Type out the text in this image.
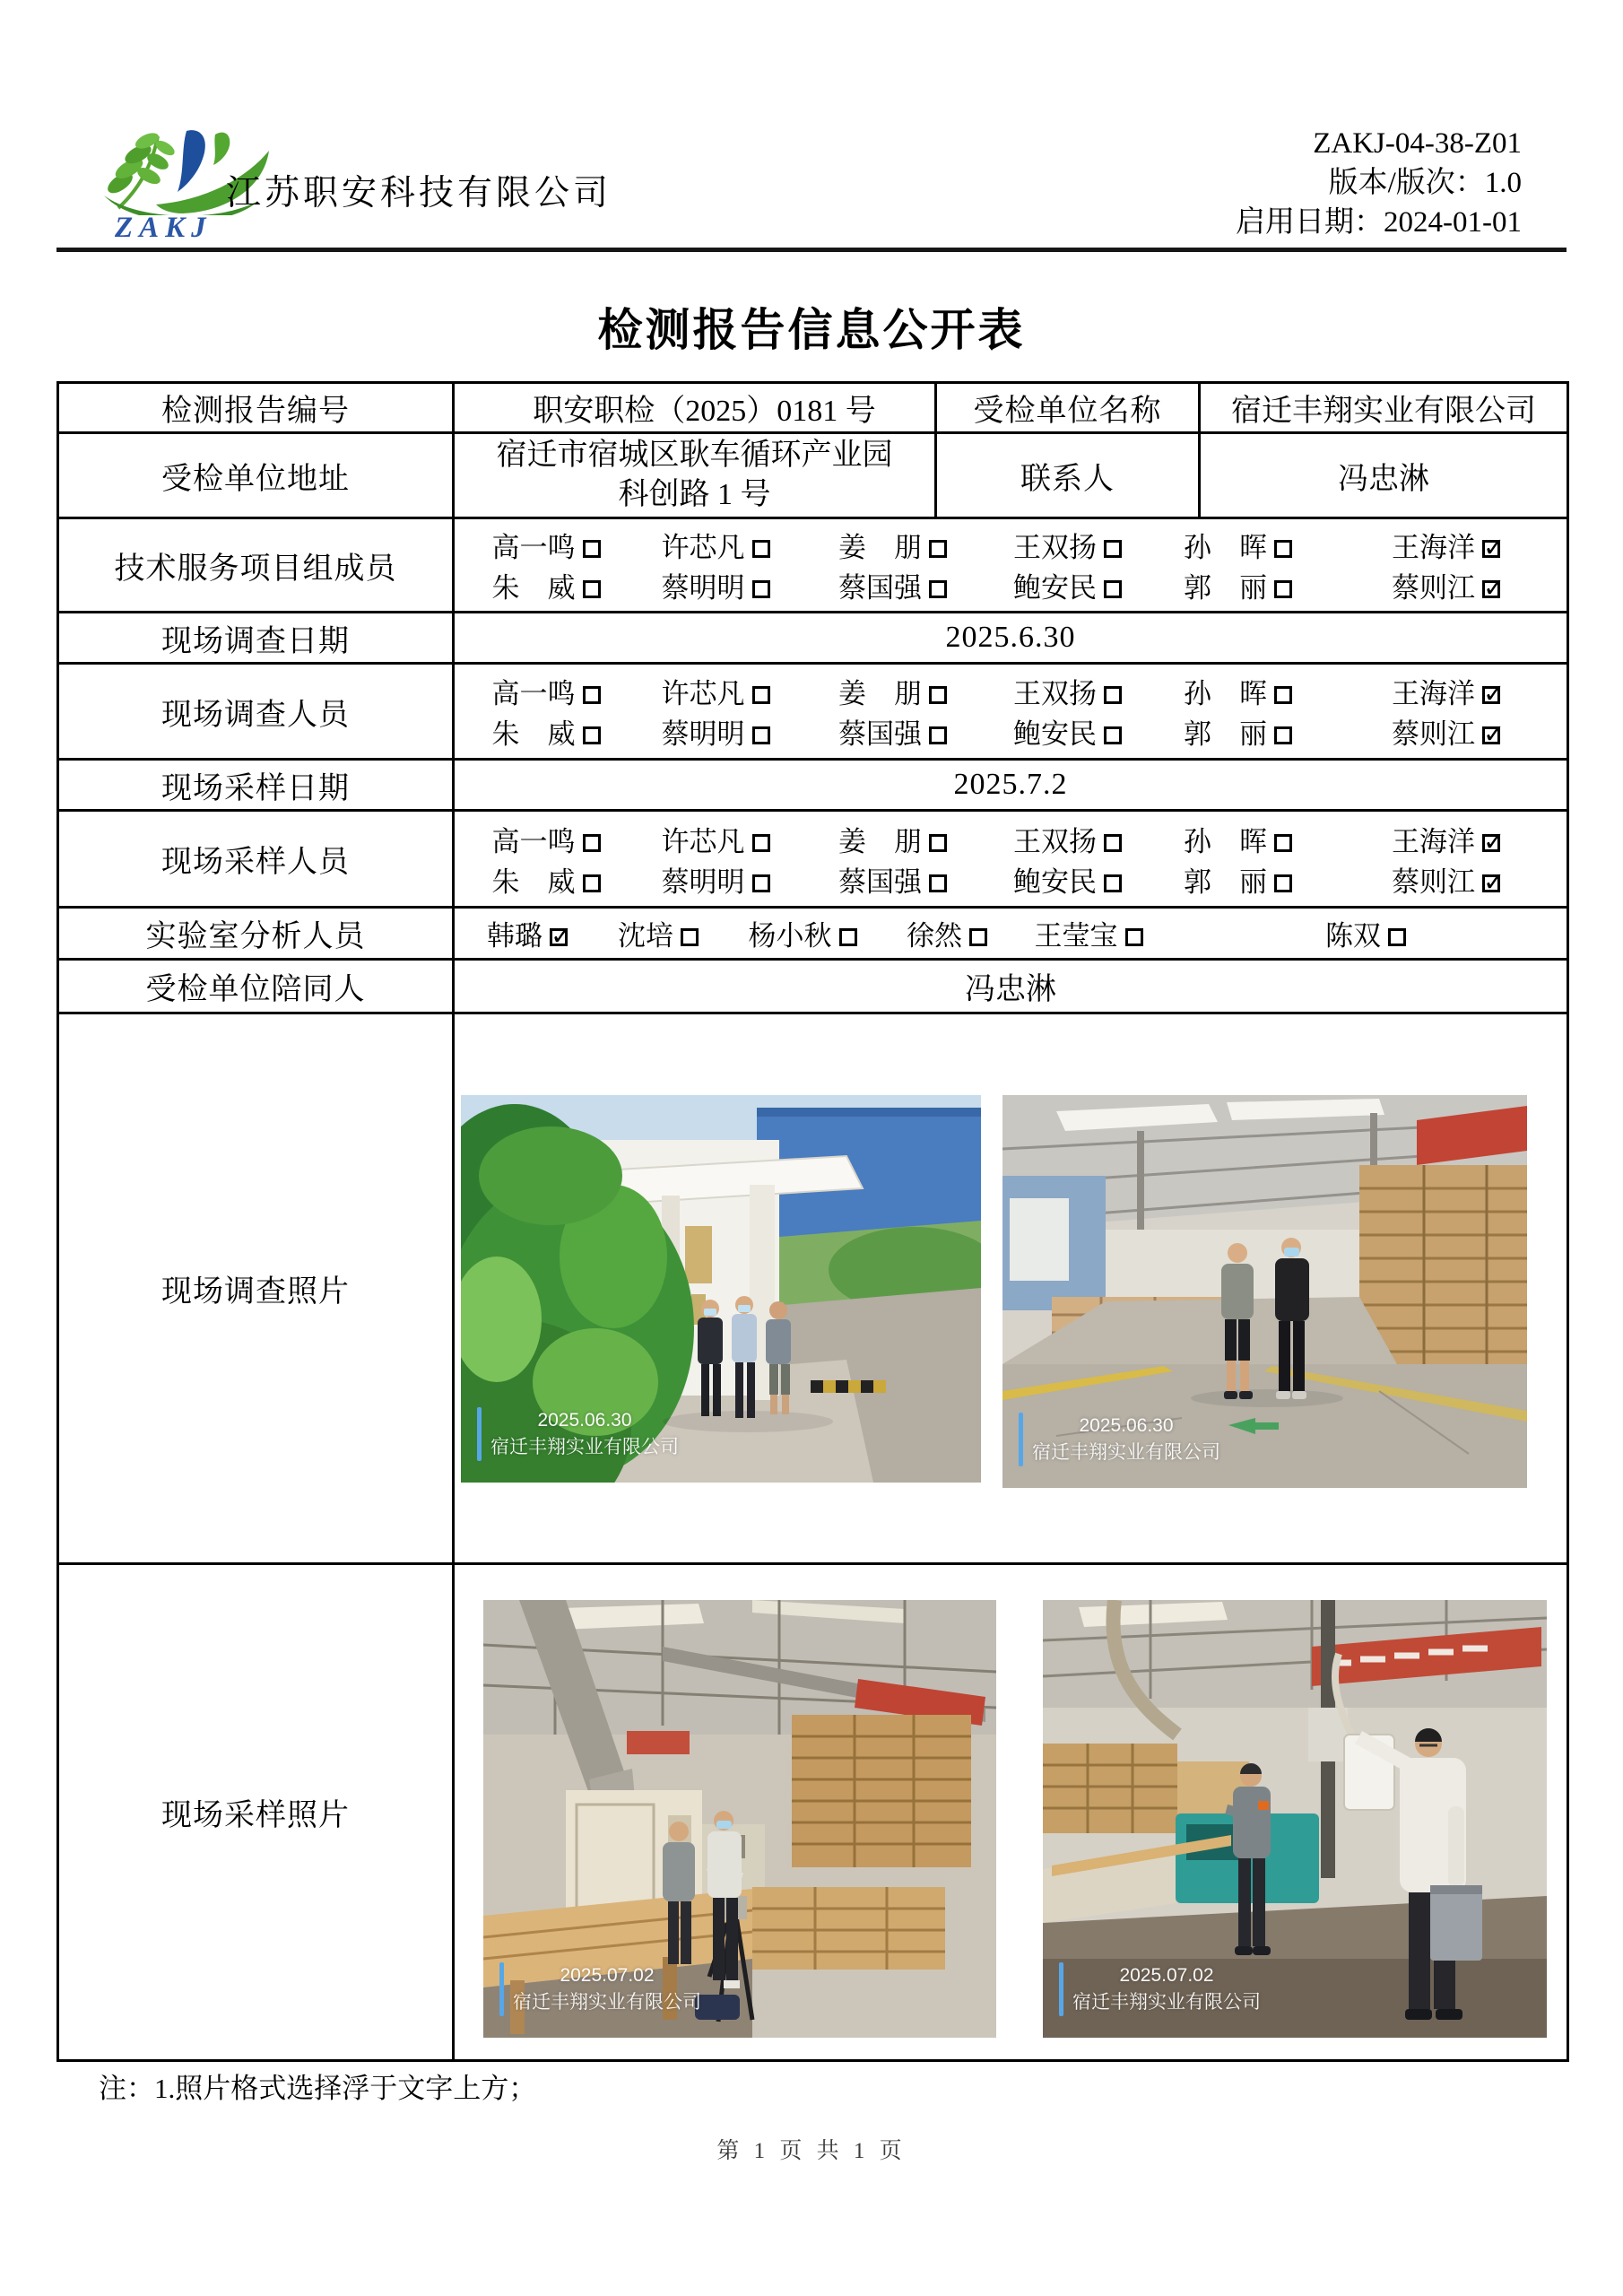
ZAKJ
江苏职安科技有限公司
ZAKJ-04-38-Z01
版本/版次：1.0
启用日期：2024-01-01
检测报告信息公开表
检测报告编号	职安职检（2025）0181 号	受检单位名称	宿迁丰翔实业有限公司
受检单位地址	宿迁市宿城区耿车循环产业园
科创路 1 号	联系人	冯忠淋
技术服务项目组成员	
高一鸣	许芯凡	姜　朋	王双扬	孙　晖	王海洋✓
朱　威	蔡明明	蔡国强	鲍安民	郭　丽	蔡则江✓

现场调查日期	2025.6.30		
现场调查人员	
高一鸣	许芯凡	姜　朋	王双扬	孙　晖	王海洋✓
朱　威	蔡明明	蔡国强	鲍安民	郭　丽	蔡则江✓

现场采样日期	2025.7.2		
现场采样人员	
高一鸣	许芯凡	姜　朋	王双扬	孙　晖	王海洋✓
朱　威	蔡明明	蔡国强	鲍安民	郭　丽	蔡则江✓

实验室分析人员	韩璐 ✓	沈培	杨小秋	徐然	王莹宝	陈双

受检单位陪同人	冯忠淋		
现场调查照片	2025.06.30
宿迁丰翔实业有限公司
2025.06.30
宿迁丰翔实业有限公司		

现场采样照片	2025.07.02
宿迁丰翔实业有限公司
2025.07.02
宿迁丰翔实业有限公司		
注：1.照片格式选择浮于文字上方；
第 1 页 共 1 页
